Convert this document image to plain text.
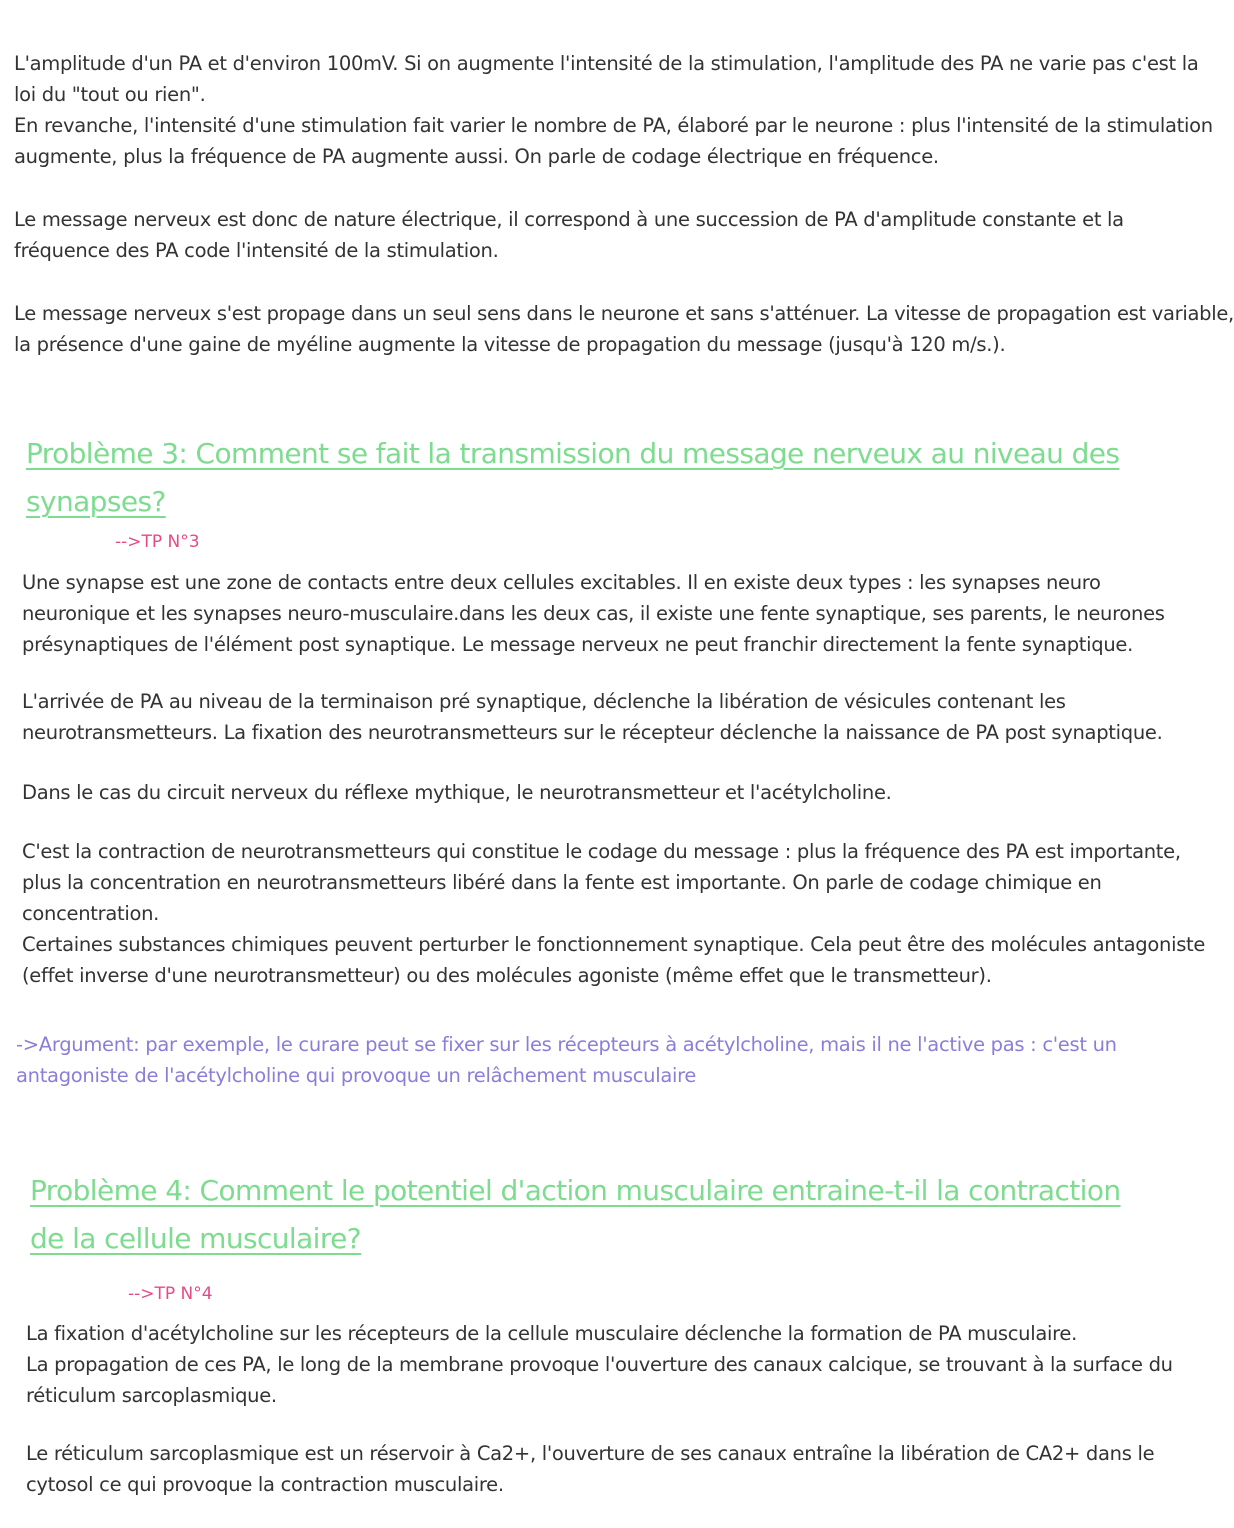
L'amplitude d'un PA et d'environ 100mV. Si on augmente l'intensité de la stimulation, l'amplitude des PA ne varie pas c'est la
loi du "tout ou rien".

En revanche, l'intensité d'une stimulation fait varier le nombre de PA, élaboré par le neurone : plus l'intensité de la stimulation
augmente, plus la fréquence de PA augmente aussi. On parle de codage électrique en fréquence.

Le message nerveux est donc de nature électrique, il correspond à une succession de PA d'amplitude constante et la
fréquence des PA code l'intensité de la stimulation.

Le message nerveux s'est propage dans un seul sens dans le neurone et sans s'atténuer. La vitesse de propagation est variable,
la présence d'une gaine de myéline augmente la vitesse de propagation du message (jusqu'à 120 m/s.).

Problème 3: Comment se fait la transmission du message nerveux au niveau des
synapses?

-->TP N°3

Une synapse est une zone de contacts entre deux cellules excitables. Il en existe deux types : les synapses neuro
neuronique et les synapses neuro-musculaire.dans les deux cas, il existe une fente synaptique, ses parents, le neurones
présynaptiques de l'élément post synaptique. Le message nerveux ne peut franchir directement la fente synaptique.

L'arrivée de PA au niveau de la terminaison pré synaptique, déclenche la libération de vésicules contenant les
neurotransmetteurs. La fixation des neurotransmetteurs sur le récepteur déclenche la naissance de PA post synaptique.

Dans le cas du circuit nerveux du réflexe mythique, le neurotransmetteur et l'acétylcholine.

C'est la contraction de neurotransmetteurs qui constitue le codage du message : plus la fréquence des PA est importante,
plus la concentration en neurotransmetteurs libéré dans la fente est importante. On parle de codage chimique en
concentration.
Certaines substances chimiques peuvent perturber le fonctionnement synaptique. Cela peut être des molécules antagoniste
(effet inverse d'une neurotransmetteur) ou des molécules agoniste (même effet que le transmetteur).

->Argument: par exemple, le curare peut se fixer sur les récepteurs à acétylcholine, mais il ne l'active pas : c'est un
antagoniste de l'acétylcholine qui provoque un relâchement musculaire

Problème 4: Comment le potentiel d'action musculaire entraine-t-il la contraction
de la cellule musculaire?

-->TP N°4

La fixation d'acétylcholine sur les récepteurs de la cellule musculaire déclenche la formation de PA musculaire.
La propagation de ces PA, le long de la membrane provoque l'ouverture des canaux calcique, se trouvant à la surface du
réticulum sarcoplasmique.

Le réticulum sarcoplasmique est un réservoir à Ca2+, l'ouverture de ses canaux entraîne la libération de CA2+ dans le
cytosol ce qui provoque la contraction musculaire.
